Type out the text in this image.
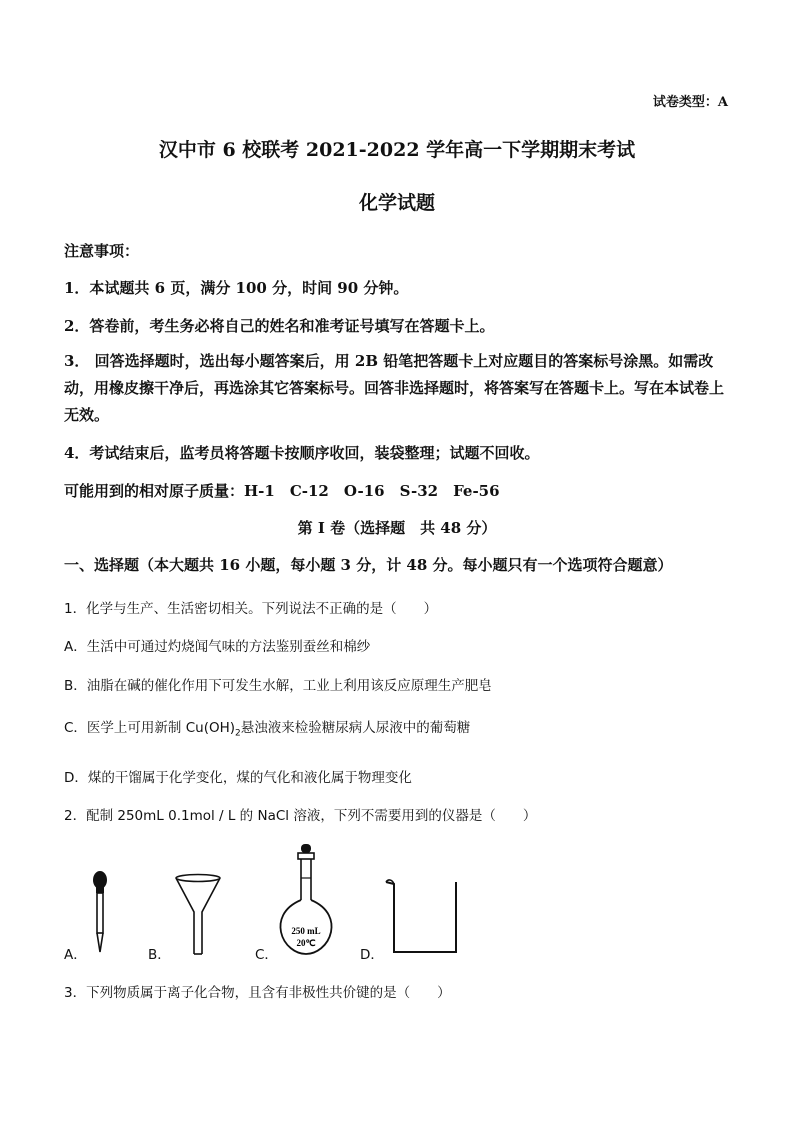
试卷类型：A
汉中市 6 校联考 2021-2022 学年高一下学期期末考试
化学试题
注意事项：
1．本试题共 6 页，满分 100 分，时间 90 分钟。
2．答卷前，考生务必将自己的姓名和准考证号填写在答题卡上。
3． 回答选择题时，选出每小题答案后，用 2B 铅笔把答题卡上对应题目的答案标号涂黑。如需改动，用橡皮擦干净后，再选涂其它答案标号。回答非选择题时，将答案写在答题卡上。写在本试卷上无效。
4．考试结束后，监考员将答题卡按顺序收回，装袋整理；试题不回收。
可能用到的相对原子质量：H-1　C-12　O-16　S-32　Fe-56
第 I 卷（选择题　共 48 分）
一、选择题（本大题共 16 小题，每小题 3 分，计 48 分。每小题只有一个选项符合题意）
1．化学与生产、生活密切相关。下列说法不正确的是（　　）
A．生活中可通过灼烧闻气味的方法鉴别蚕丝和棉纱
B．油脂在碱的催化作用下可发生水解，工业上利用该反应原理生产肥皂
C．医学上可用新制 $Cu(OH)_2$悬浊液来检验糖尿病人尿液中的葡萄糖
D．煤的干馏属于化学变化，煤的气化和液化属于物理变化
2．配制 250mL 0.1mol / L 的 NaCl 溶液，下列不需要用到的仪器是（　　）
A．	B．	C．	D．
250 mL
20℃
3．下列物质属于离子化合物，且含有非极性共价键的是（　　）
